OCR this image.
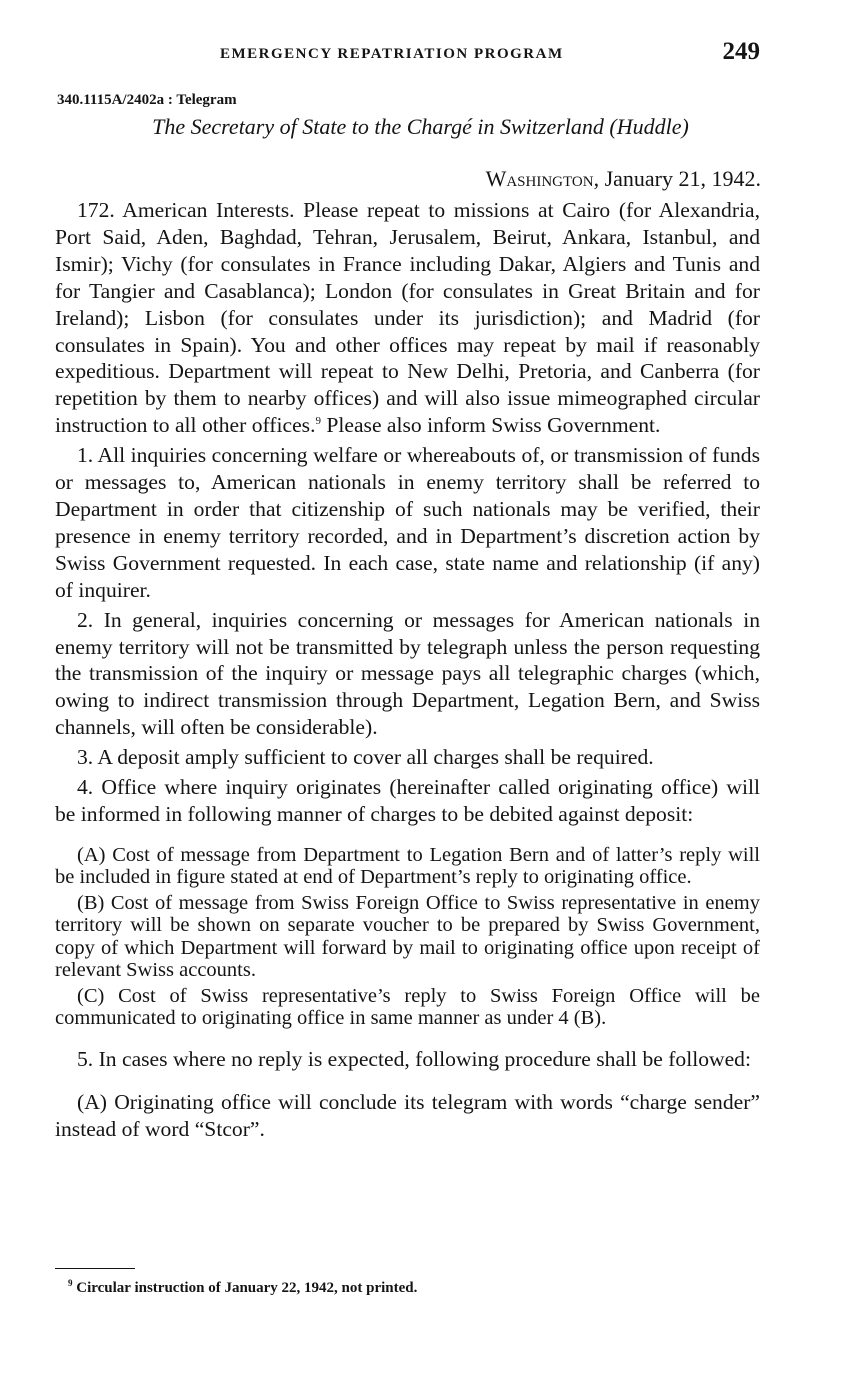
EMERGENCY REPATRIATION PROGRAM	249
340.1115A/2402a : Telegram
The Secretary of State to the Chargé in Switzerland (Huddle)
Washington, January 21, 1942.

172. American Interests. Please repeat to missions at Cairo (for Alexandria, Port Said, Aden, Baghdad, Tehran, Jerusalem, Beirut, Ankara, Istanbul, and Ismir); Vichy (for consulates in France including Dakar, Algiers and Tunis and for Tangier and Casablanca); London (for consulates in Great Britain and for Ireland); Lisbon (for consulates under its jurisdiction); and Madrid (for consulates in Spain). You and other offices may repeat by mail if reasonably expeditious. Department will repeat to New Delhi, Pretoria, and Canberra (for repetition by them to nearby offices) and will also issue mimeographed circular instruction to all other offices.$^9$ Please also inform Swiss Government.

1. All inquiries concerning welfare or whereabouts of, or transmission of funds or messages to, American nationals in enemy territory shall be referred to Department in order that citizenship of such nationals may be verified, their presence in enemy territory recorded, and in Department’s discretion action by Swiss Government requested. In each case, state name and relationship (if any) of inquirer.

2. In general, inquiries concerning or messages for American nationals in enemy territory will not be transmitted by telegraph unless the person requesting the transmission of the inquiry or message pays all telegraphic charges (which, owing to indirect transmission through Department, Legation Bern, and Swiss channels, will often be considerable).

3. A deposit amply sufficient to cover all charges shall be required.

4. Office where inquiry originates (hereinafter called originating office) will be informed in following manner of charges to be debited against deposit:

(A) Cost of message from Department to Legation Bern and of latter’s reply will be included in figure stated at end of Department’s reply to originating office.

(B) Cost of message from Swiss Foreign Office to Swiss representative in enemy territory will be shown on separate voucher to be prepared by Swiss Government, copy of which Department will forward by mail to originating office upon receipt of relevant Swiss accounts.

(C) Cost of Swiss representative’s reply to Swiss Foreign Office will be communicated to originating office in same manner as under 4 (B).

5. In cases where no reply is expected, following procedure shall be followed:

(A) Originating office will conclude its telegram with words “charge sender” instead of word “Stcor”.

$^9$ Circular instruction of January 22, 1942, not printed.
